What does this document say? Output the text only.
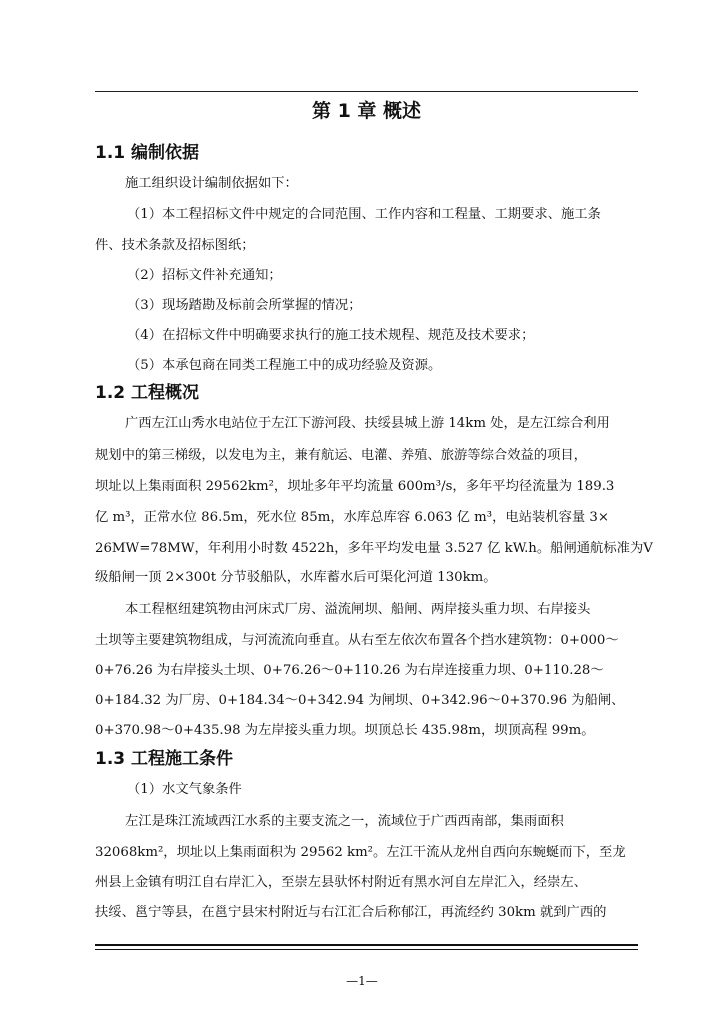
第 1 章 概述
1.1 编制依据

施工组织设计编制依据如下：

（1）本工程招标文件中规定的合同范围、工作内容和工程量、工期要求、施工条

件、技术条款及招标图纸；

（2）招标文件补充通知；

（3）现场踏勘及标前会所掌握的情况；

（4）在招标文件中明确要求执行的施工技术规程、规范及技术要求；

（5）本承包商在同类工程施工中的成功经验及资源。

1.2 工程概况

广西左江山秀水电站位于左江下游河段、扶绥县城上游 14km 处，是左江综合利用

规划中的第三梯级，以发电为主，兼有航运、电灌、养殖、旅游等综合效益的项目，

坝址以上集雨面积 29562km²，坝址多年平均流量 600m³/s，多年平均径流量为 189.3

亿 m³，正常水位 86.5m，死水位 85m，水库总库容 6.063 亿 m³，电站装机容量 3×

26MW=78MW，年利用小时数 4522h，多年平均发电量 3.527 亿 kW.h。船闸通航标准为Ⅴ

级船闸一顶 2×300t 分节驳船队，水库蓄水后可渠化河道 130km。

本工程枢纽建筑物由河床式厂房、溢流闸坝、船闸、两岸接头重力坝、右岸接头

土坝等主要建筑物组成，与河流流向垂直。从右至左依次布置各个挡水建筑物：0+000～

0+76.26 为右岸接头土坝、0+76.26～0+110.26 为右岸连接重力坝、0+110.28～

0+184.32 为厂房、0+184.34～0+342.94 为闸坝、0+342.96～0+370.96 为船闸、

0+370.98～0+435.98 为左岸接头重力坝。坝顶总长 435.98m，坝顶高程 99m。

1.3 工程施工条件

（1）水文气象条件

左江是珠江流域西江水系的主要支流之一，流域位于广西西南部，集雨面积

32068km²，坝址以上集雨面积为 29562 km²。左江干流从龙州自西向东蜿蜒而下，至龙

州县上金镇有明江自右岸汇入，至崇左县驮怀村附近有黑水河自左岸汇入，经崇左、

扶绥、邕宁等县，在邕宁县宋村附近与右江汇合后称郁江，再流经约 30km 就到广西的

—1—
